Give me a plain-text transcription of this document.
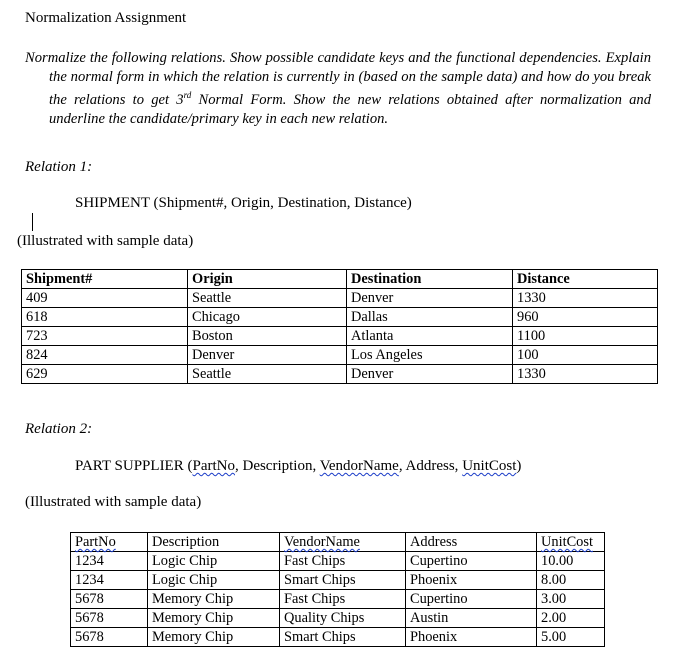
Normalization Assignment
Normalize the following relations. Show possible candidate keys and the functional dependencies. Explain the normal form in which the relation is currently in (based on the sample data) and how do you break the relations to get 3rd Normal Form. Show the new relations obtained after normalization and underline the candidate/primary key in each new relation.
Relation 1:
SHIPMENT (Shipment#, Origin, Destination, Distance)
(Illustrated with sample data)
Shipment#	Origin	Destination	Distance
409	Seattle	Denver	1330
618	Chicago	Dallas	960
723	Boston	Atlanta	1100
824	Denver	Los Angeles	100
629	Seattle	Denver	1330
Relation 2:
PART SUPPLIER (PartNo, Description, VendorName, Address, UnitCost)
(Illustrated with sample data)
PartNo	Description	VendorName	Address	UnitCost
1234	Logic Chip	Fast Chips	Cupertino	10.00
1234	Logic Chip	Smart Chips	Phoenix	8.00
5678	Memory Chip	Fast Chips	Cupertino	3.00
5678	Memory Chip	Quality Chips	Austin	2.00
5678	Memory Chip	Smart Chips	Phoenix	5.00
